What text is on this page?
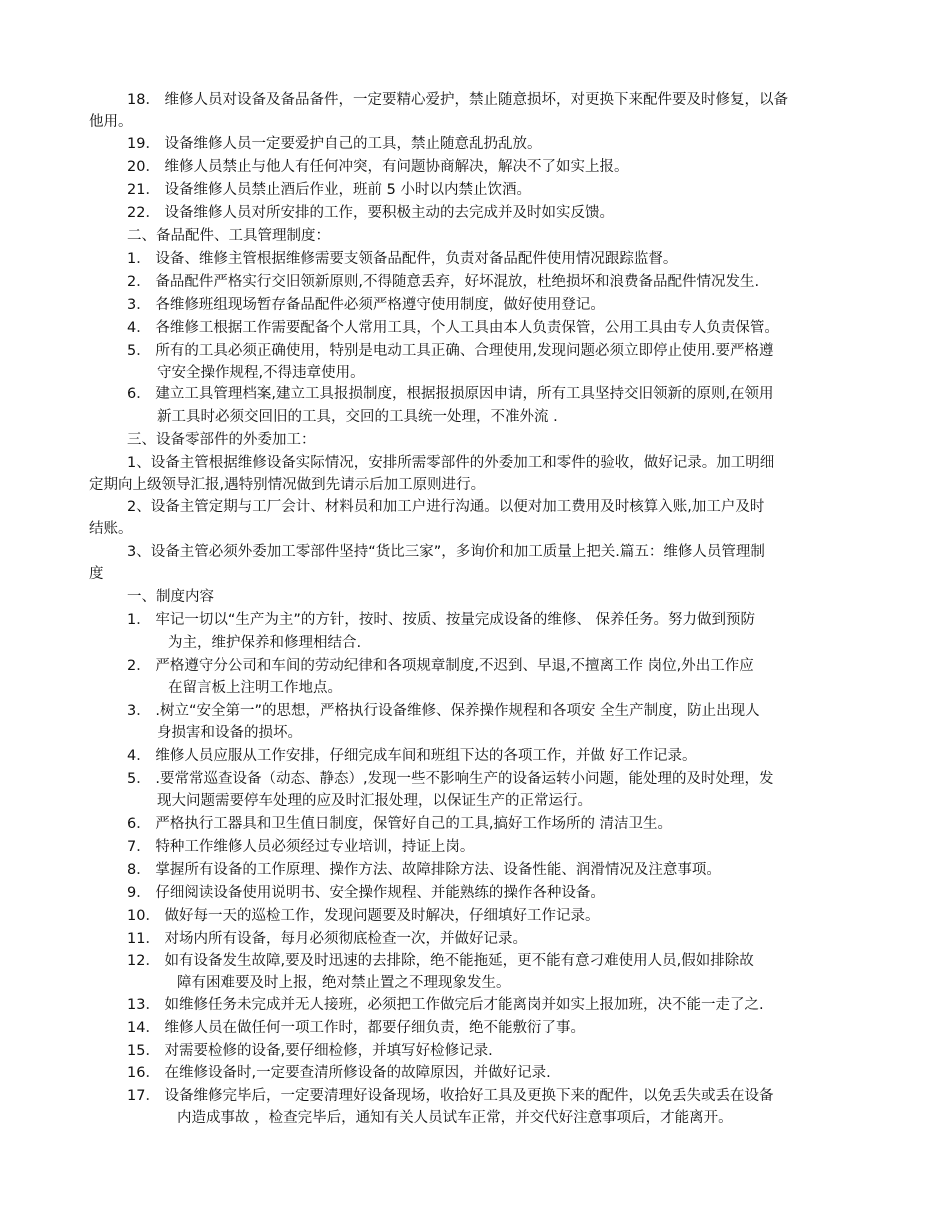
18． 维修人员对设备及备品备件，一定要精心爱护，禁止随意损坏，对更换下来配件要及时修复，以备
他用。
19． 设备维修人员一定要爱护自己的工具，禁止随意乱扔乱放。
20． 维修人员禁止与他人有任何冲突，有问题协商解决，解决不了如实上报。
21． 设备维修人员禁止酒后作业，班前 5 小时以内禁止饮酒。
22． 设备维修人员对所安排的工作，要积极主动的去完成并及时如实反馈。
二、备品配件、工具管理制度：
1． 设备、维修主管根据维修需要支领备品配件，负责对备品配件使用情况跟踪监督。
2． 备品配件严格实行交旧领新原则,不得随意丢弃，好坏混放，杜绝损坏和浪费备品配件情况发生.
3． 各维修班组现场暂存备品配件必须严格遵守使用制度，做好使用登记。
4． 各维修工根据工作需要配备个人常用工具，个人工具由本人负责保管，公用工具由专人负责保管。
5． 所有的工具必须正确使用，特别是电动工具正确、合理使用,发现问题必须立即停止使用.要严格遵
守安全操作规程,不得违章使用。
6． 建立工具管理档案,建立工具报损制度，根据报损原因申请，所有工具坚持交旧领新的原则,在领用
新工具时必须交回旧的工具，交回的工具统一处理，不准外流 .
三、设备零部件的外委加工：
1、设备主管根据维修设备实际情况，安排所需零部件的外委加工和零件的验收，做好记录。加工明细
定期向上级领导汇报,遇特别情况做到先请示后加工原则进行。
2、设备主管定期与工厂会计、材料员和加工户进行沟通。以便对加工费用及时核算入账,加工户及时
结账。
3、设备主管必须外委加工零部件坚持“货比三家”，多询价和加工质量上把关.篇五：维修人员管理制
度
一、制度内容
1． 牢记一切以“生产为主”的方针，按时、按质、按量完成设备的维修、 保养任务。努力做到预防
为主，维护保养和修理相结合.
2． 严格遵守分公司和车间的劳动纪律和各项规章制度,不迟到、早退,不擅离工作 岗位,外出工作应
在留言板上注明工作地点。
3． .树立“安全第一”的思想，严格执行设备维修、保养操作规程和各项安 全生产制度，防止出现人
身损害和设备的损坏。
4． 维修人员应服从工作安排，仔细完成车间和班组下达的各项工作，并做 好工作记录。
5． .要常常巡查设备（动态、静态）,发现一些不影响生产的设备运转小问题，能处理的及时处理，发
现大问题需要停车处理的应及时汇报处理，以保证生产的正常运行。
6． 严格执行工器具和卫生值日制度，保管好自己的工具,搞好工作场所的 清洁卫生。
7． 特种工作维修人员必须经过专业培训，持证上岗。
8． 掌握所有设备的工作原理、操作方法、故障排除方法、设备性能、润滑情况及注意事项。
9． 仔细阅读设备使用说明书、安全操作规程、并能熟练的操作各种设备。
10． 做好每一天的巡检工作，发现问题要及时解决，仔细填好工作记录。
11． 对场内所有设备，每月必须彻底检查一次，并做好记录。
12． 如有设备发生故障,要及时迅速的去排除，绝不能拖延，更不能有意刁难使用人员,假如排除故
障有困难要及时上报，绝对禁止置之不理现象发生。
13． 如维修任务未完成并无人接班，必须把工作做完后才能离岗并如实上报加班，决不能一走了之.
14． 维修人员在做任何一项工作时，都要仔细负责，绝不能敷衍了事。
15． 对需要检修的设备,要仔细检修，并填写好检修记录.
16． 在维修设备时,一定要查清所修设备的故障原因，并做好记录.
17． 设备维修完毕后，一定要清理好设备现场，收拾好工具及更换下来的配件，以免丢失或丢在设备
内造成事故 ，检查完毕后，通知有关人员试车正常，并交代好注意事项后，才能离开。
